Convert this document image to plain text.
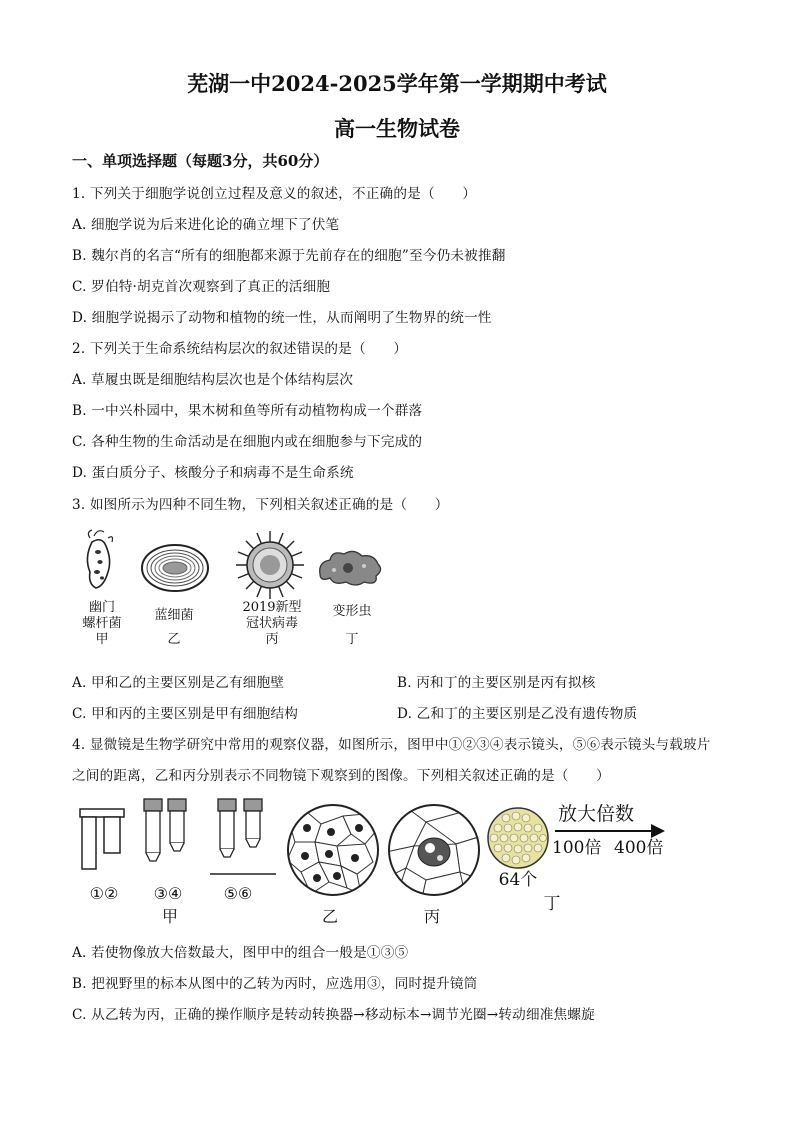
芜湖一中2024-2025学年第一学期期中考试
高一生物试卷
一、单项选择题（每题3分，共60分）
1. 下列关于细胞学说创立过程及意义的叙述，不正确的是（　　）
A. 细胞学说为后来进化论的确立埋下了伏笔
B. 魏尔肖的名言“所有的细胞都来源于先前存在的细胞”至今仍未被推翻
C. 罗伯特·胡克首次观察到了真正的活细胞
D. 细胞学说揭示了动物和植物的统一性，从而阐明了生物界的统一性
2. 下列关于生命系统结构层次的叙述错误的是（　　）
A. 草履虫既是细胞结构层次也是个体结构层次
B. 一中兴朴园中，果木树和鱼等所有动植物构成一个群落
C. 各种生物的生命活动是在细胞内或在细胞参与下完成的
D. 蛋白质分子、核酸分子和病毒不是生命系统
3. 如图所示为四种不同生物，下列相关叙述正确的是（　　）
幽门
螺杆菌
甲
蓝细菌
乙
2019新型
冠状病毒
丙
变形虫
丁
A. 甲和乙的主要区别是乙有细胞壁	B. 丙和丁的主要区别是丙有拟核
C. 甲和丙的主要区别是甲有细胞结构	D. 乙和丁的主要区别是乙没有遗传物质
4. 显微镜是生物学研究中常用的观察仪器，如图所示，图甲中①②③④表示镜头，⑤⑥表示镜头与载玻片
之间的距离，乙和丙分别表示不同物镜下观察到的图像。下列相关叙述正确的是（　　）
①②	③④	⑤⑥
甲	乙	丙
64个
丁
放大倍数
100倍 400倍
A. 若使物像放大倍数最大，图甲中的组合一般是①③⑤
B. 把视野里的标本从图中的乙转为丙时，应选用③，同时提升镜筒
C. 从乙转为丙，正确的操作顺序是转动转换器→移动标本→调节光圈→转动细准焦螺旋
